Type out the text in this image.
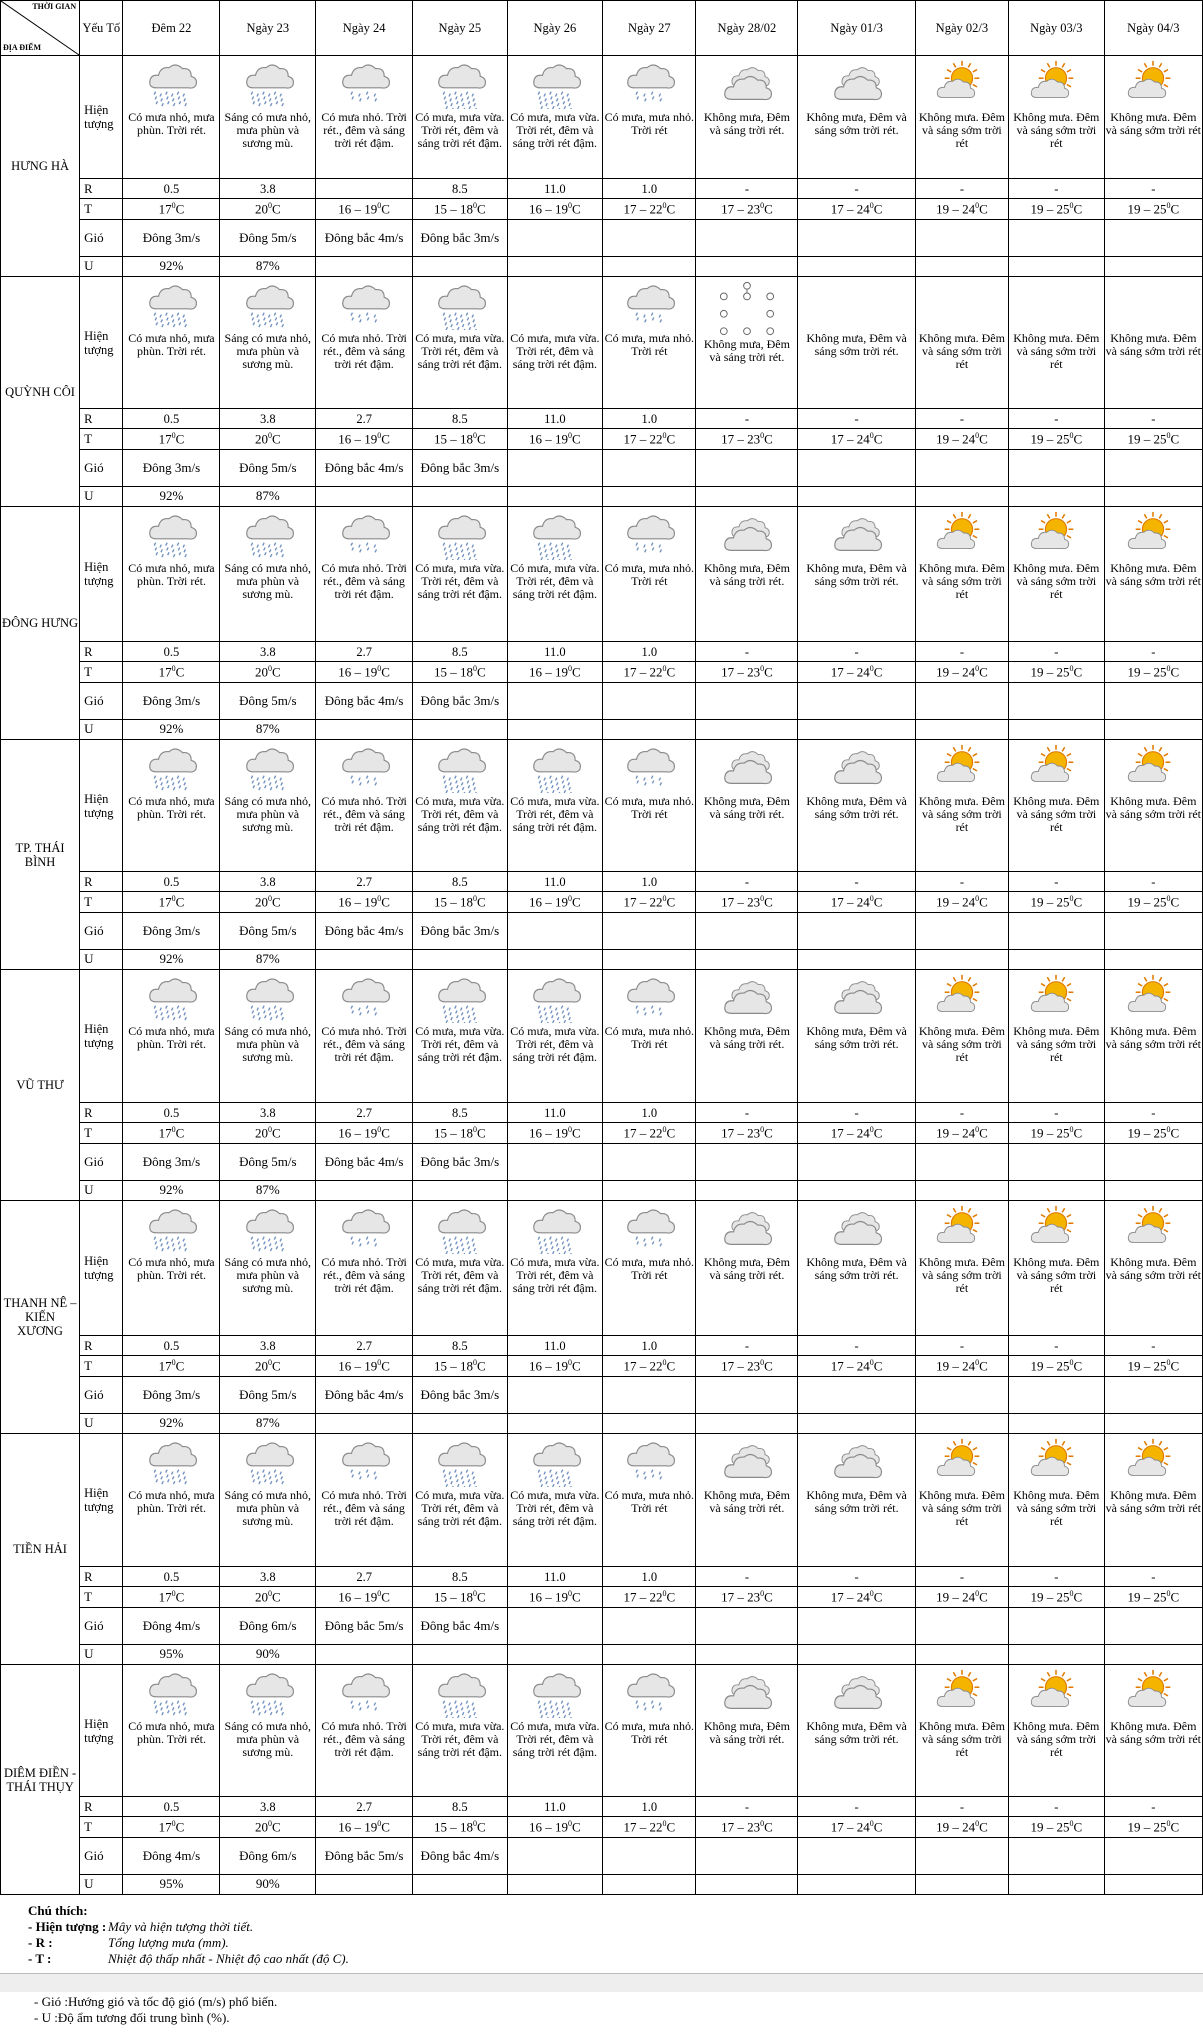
THỜI GIAN
ĐỊA ĐIỂM	Yếu Tố	Đêm 22	Ngày 23	Ngày 24	Ngày 25	Ngày 26	Ngày 27	Ngày 28/02	Ngày 01/3	Ngày 02/3	Ngày 03/3	Ngày 04/3
HƯNG HÀ	Hiện tượng	Có mưa nhỏ, mưa phùn. Trời rét.	Sáng có mưa nhỏ, mưa phùn và sương mù.	Có mưa nhỏ. Trời rét., đêm và sáng trời rét đậm.	Có mưa, mưa vừa. Trời rét, đêm và sáng trời rét đậm.	Có mưa, mưa vừa. Trời rét, đêm và sáng trời rét đậm.	Có mưa, mưa nhỏ. Trời rét	Không mưa, Đêm và sáng trời rét.	Không mưa, Đêm và sáng sớm trời rét.	Không mưa. Đêm và sáng sớm trời rét	Không mưa. Đêm và sáng sớm trời rét	Không mưa. Đêm và sáng sớm trời rét

	R	0.5	3.8		8.5	11.0	1.0	-	-	-	-	-
	T	$17^0C$	$20^0C$	$16 - 19^0C$	$15 - 18^0C$	$16 - 19^0C$	$17 - 22^0C$	$17 - 23^0C$	$17 - 24^0C$	$19 - 24^0C$	$19 - 25^0C$	$19 - 25^0C$
	Gió	Đông 3m/s	Đông 5m/s	Đông bắc 4m/s	Đông bắc 3m/s							
	U	92%	87%									
QUỲNH CÔI	Hiện tượng	Có mưa nhỏ, mưa phùn. Trời rét.	Sáng có mưa nhỏ, mưa phùn và sương mù.	Có mưa nhỏ. Trời rét., đêm và sáng trời rét đậm.	Có mưa, mưa vừa. Trời rét, đêm và sáng trời rét đậm.	Có mưa, mưa vừa. Trời rét, đêm và sáng trời rét đậm.	Có mưa, mưa nhỏ. Trời rét	Không mưa, Đêm và sáng trời rét.	Không mưa, Đêm và sáng sớm trời rét.	Không mưa. Đêm và sáng sớm trời rét	Không mưa. Đêm và sáng sớm trời rét	Không mưa. Đêm và sáng sớm trời rét

	R	0.5	3.8	2.7	8.5	11.0	1.0	-	-	-	-	-
	T	$17^0C$	$20^0C$	$16 - 19^0C$	$15 - 18^0C$	$16 - 19^0C$	$17 - 22^0C$	$17 - 23^0C$	$17 - 24^0C$	$19 - 24^0C$	$19 - 25^0C$	$19 - 25^0C$
	Gió	Đông 3m/s	Đông 5m/s	Đông bắc 4m/s	Đông bắc 3m/s							
	U	92%	87%									
ĐÔNG HƯNG	Hiện tượng	Có mưa nhỏ, mưa phùn. Trời rét.	Sáng có mưa nhỏ, mưa phùn và sương mù.	Có mưa nhỏ. Trời rét., đêm và sáng trời rét đậm.	Có mưa, mưa vừa. Trời rét, đêm và sáng trời rét đậm.	Có mưa, mưa vừa. Trời rét, đêm và sáng trời rét đậm.	Có mưa, mưa nhỏ. Trời rét	Không mưa, Đêm và sáng trời rét.	Không mưa, Đêm và sáng sớm trời rét.	Không mưa. Đêm và sáng sớm trời rét	Không mưa. Đêm và sáng sớm trời rét	Không mưa. Đêm và sáng sớm trời rét

	R	0.5	3.8	2.7	8.5	11.0	1.0	-	-	-	-	-
	T	$17^0C$	$20^0C$	$16 - 19^0C$	$15 - 18^0C$	$16 - 19^0C$	$17 - 22^0C$	$17 - 23^0C$	$17 - 24^0C$	$19 - 24^0C$	$19 - 25^0C$	$19 - 25^0C$
	Gió	Đông 3m/s	Đông 5m/s	Đông bắc 4m/s	Đông bắc 3m/s							
	U	92%	87%									
TP. THÁI BÌNH	Hiện tượng	Có mưa nhỏ, mưa phùn. Trời rét.	Sáng có mưa nhỏ, mưa phùn và sương mù.	Có mưa nhỏ. Trời rét., đêm và sáng trời rét đậm.	Có mưa, mưa vừa. Trời rét, đêm và sáng trời rét đậm.	Có mưa, mưa vừa. Trời rét, đêm và sáng trời rét đậm.	Có mưa, mưa nhỏ. Trời rét	Không mưa, Đêm và sáng trời rét.	Không mưa, Đêm và sáng sớm trời rét.	Không mưa. Đêm và sáng sớm trời rét	Không mưa. Đêm và sáng sớm trời rét	Không mưa. Đêm và sáng sớm trời rét

	R	0.5	3.8	2.7	8.5	11.0	1.0	-	-	-	-	-
	T	$17^0C$	$20^0C$	$16 - 19^0C$	$15 - 18^0C$	$16 - 19^0C$	$17 - 22^0C$	$17 - 23^0C$	$17 - 24^0C$	$19 - 24^0C$	$19 - 25^0C$	$19 - 25^0C$
	Gió	Đông 3m/s	Đông 5m/s	Đông bắc 4m/s	Đông bắc 3m/s							
	U	92%	87%									
VŨ THƯ	Hiện tượng	Có mưa nhỏ, mưa phùn. Trời rét.	Sáng có mưa nhỏ, mưa phùn và sương mù.	Có mưa nhỏ. Trời rét., đêm và sáng trời rét đậm.	Có mưa, mưa vừa. Trời rét, đêm và sáng trời rét đậm.	Có mưa, mưa vừa. Trời rét, đêm và sáng trời rét đậm.	Có mưa, mưa nhỏ. Trời rét	Không mưa, Đêm và sáng trời rét.	Không mưa, Đêm và sáng sớm trời rét.	Không mưa. Đêm và sáng sớm trời rét	Không mưa. Đêm và sáng sớm trời rét	Không mưa. Đêm và sáng sớm trời rét

	R	0.5	3.8	2.7	8.5	11.0	1.0	-	-	-	-	-
	T	$17^0C$	$20^0C$	$16 - 19^0C$	$15 - 18^0C$	$16 - 19^0C$	$17 - 22^0C$	$17 - 23^0C$	$17 - 24^0C$	$19 - 24^0C$	$19 - 25^0C$	$19 - 25^0C$
	Gió	Đông 3m/s	Đông 5m/s	Đông bắc 4m/s	Đông bắc 3m/s							
	U	92%	87%									
THANH NÊ – KIẾN XƯƠNG	Hiện tượng	Có mưa nhỏ, mưa phùn. Trời rét.	Sáng có mưa nhỏ, mưa phùn và sương mù.	Có mưa nhỏ. Trời rét., đêm và sáng trời rét đậm.	Có mưa, mưa vừa. Trời rét, đêm và sáng trời rét đậm.	Có mưa, mưa vừa. Trời rét, đêm và sáng trời rét đậm.	Có mưa, mưa nhỏ. Trời rét	Không mưa, Đêm và sáng trời rét.	Không mưa, Đêm và sáng sớm trời rét.	Không mưa. Đêm và sáng sớm trời rét	Không mưa. Đêm và sáng sớm trời rét	Không mưa. Đêm và sáng sớm trời rét

	R	0.5	3.8	2.7	8.5	11.0	1.0	-	-	-	-	-
	T	$17^0C$	$20^0C$	$16 - 19^0C$	$15 - 18^0C$	$16 - 19^0C$	$17 - 22^0C$	$17 - 23^0C$	$17 - 24^0C$	$19 - 24^0C$	$19 - 25^0C$	$19 - 25^0C$
	Gió	Đông 3m/s	Đông 5m/s	Đông bắc 4m/s	Đông bắc 3m/s							
	U	92%	87%									
TIỀN HẢI	Hiện tượng	Có mưa nhỏ, mưa phùn. Trời rét.	Sáng có mưa nhỏ, mưa phùn và sương mù.	Có mưa nhỏ. Trời rét., đêm và sáng trời rét đậm.	Có mưa, mưa vừa. Trời rét, đêm và sáng trời rét đậm.	Có mưa, mưa vừa. Trời rét, đêm và sáng trời rét đậm.	Có mưa, mưa nhỏ. Trời rét	Không mưa, Đêm và sáng trời rét.	Không mưa, Đêm và sáng sớm trời rét.	Không mưa. Đêm và sáng sớm trời rét	Không mưa. Đêm và sáng sớm trời rét	Không mưa. Đêm và sáng sớm trời rét

	R	0.5	3.8	2.7	8.5	11.0	1.0	-	-	-	-	-
	T	$17^0C$	$20^0C$	$16 - 19^0C$	$15 - 18^0C$	$16 - 19^0C$	$17 - 22^0C$	$17 - 23^0C$	$17 - 24^0C$	$19 - 24^0C$	$19 - 25^0C$	$19 - 25^0C$
	Gió	Đông 4m/s	Đông 6m/s	Đông bắc 5m/s	Đông bắc 4m/s							
	U	95%	90%									
DIÊM ĐIỀN - THÁI THỤY	Hiện tượng	Có mưa nhỏ, mưa phùn. Trời rét.	Sáng có mưa nhỏ, mưa phùn và sương mù.	Có mưa nhỏ. Trời rét., đêm và sáng trời rét đậm.	Có mưa, mưa vừa. Trời rét, đêm và sáng trời rét đậm.	Có mưa, mưa vừa. Trời rét, đêm và sáng trời rét đậm.	Có mưa, mưa nhỏ. Trời rét	Không mưa, Đêm và sáng trời rét.	Không mưa, Đêm và sáng sớm trời rét.	Không mưa. Đêm và sáng sớm trời rét	Không mưa. Đêm và sáng sớm trời rét	Không mưa. Đêm và sáng sớm trời rét

	R	0.5	3.8	2.7	8.5	11.0	1.0	-	-	-	-	-
	T	$17^0C$	$20^0C$	$16 - 19^0C$	$15 - 18^0C$	$16 - 19^0C$	$17 - 22^0C$	$17 - 23^0C$	$17 - 24^0C$	$19 - 24^0C$	$19 - 25^0C$	$19 - 25^0C$
	Gió	Đông 4m/s	Đông 6m/s	Đông bắc 5m/s	Đông bắc 4m/s							
	U	95%	90%									
Chú thích:
- Hiện tượng : Mây và hiện tượng thời tiết.
- R :	Tổng lượng mưa (mm).
- T :	Nhiệt độ thấp nhất - Nhiệt độ cao nhất (độ C).
- Gió :Hướng gió và tốc độ gió (m/s) phổ biến.
- U :Độ ẩm tương đối trung bình (%).
